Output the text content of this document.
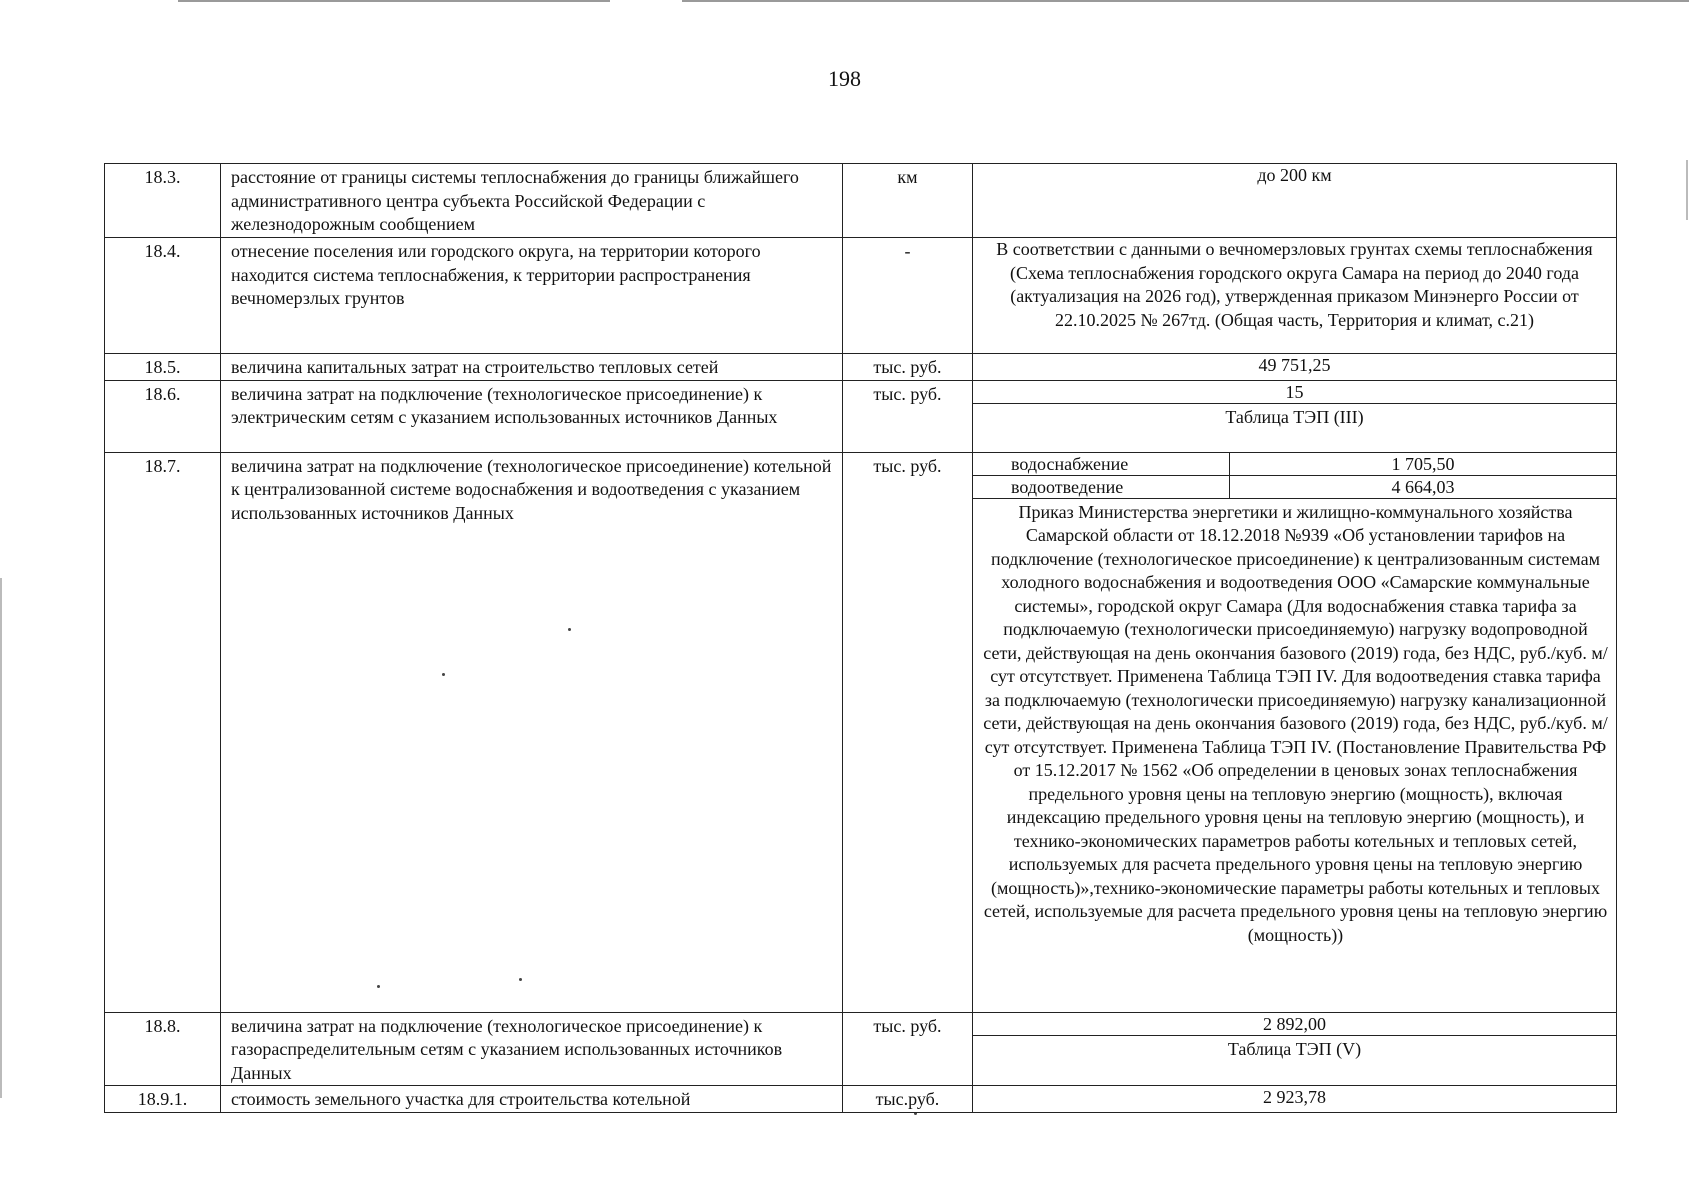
198
18.3.	расстояние от границы системы теплоснабжения до границы ближайшего административного центра субъекта Российской Федерации с железнодорожным сообщением	км	до 200 км
18.4.	отнесение поселения или городского округа, на территории которого находится система теплоснабжения, к территории распространения вечномерзлых грунтов	-	В соответствии с данными о вечномерзловых грунтах схемы теплоснабжения (Схема теплоснабжения городского округа Самара на период до 2040 года (актуализация на 2026 год), утвержденная приказом Минэнерго России от 22.10.2025 № 267тд. (Общая часть, Территория и климат, с.21)
18.5.	величина капитальных затрат на строительство тепловых сетей	тыс. руб.	49 751,25
18.6.	величина затрат на подключение (технологическое присоединение) к электрическим сетям с указанием использованных источников Данных	тыс. руб.	15
Таблица ТЭП (III)

18.7.	величина затрат на подключение (технологическое присоединение) котельной к централизованной системе водоснабжения и водоотведения с указанием использованных источников Данных	тыс. руб.		водоснабжение	1 705,50
водоотведение	4 664,03
Приказ Министерства энергетики и жилищно-коммунального хозяйства Самарской области от 18.12.2018 №939 «Об установлении тарифов на подключение (технологическое присоединение) к централизованным системам холодного водоснабжения и водоотведения ООО «Самарские коммунальные системы», городской округ Самара (Для водоснабжения ставка тарифа за подключаемую (технологически присоединяемую) нагрузку водопроводной сети, действующая на день окончания базового (2019) года, без НДС, руб./куб. м/сут отсутствует. Применена Таблица ТЭП IV. Для водоотведения ставка тарифа за подключаемую (технологически присоединяемую) нагрузку канализационной сети, действующая на день окончания базового (2019) года, без НДС, руб./куб. м/сут отсутствует. Применена Таблица ТЭП IV. (Постановление Правительства РФ от 15.12.2017 № 1562 «Об определении в ценовых зонах теплоснабжения предельного уровня цены на тепловую энергию (мощность), включая индексацию предельного уровня цены на тепловую энергию (мощность), и технико-экономических параметров работы котельных и тепловых сетей, используемых для расчета предельного уровня цены на тепловую энергию (мощность)»,технико-экономические параметры работы котельных и тепловых сетей, используемые для расчета предельного уровня цены на тепловую энергию (мощность))

18.8.	величина затрат на подключение (технологическое присоединение) к газораспределительным сетям с указанием использованных источников Данных	тыс. руб.	2 892,00
Таблица ТЭП (V)

18.9.1.	стоимость земельного участка для строительства котельной	тыс.руб.	2 923,78
